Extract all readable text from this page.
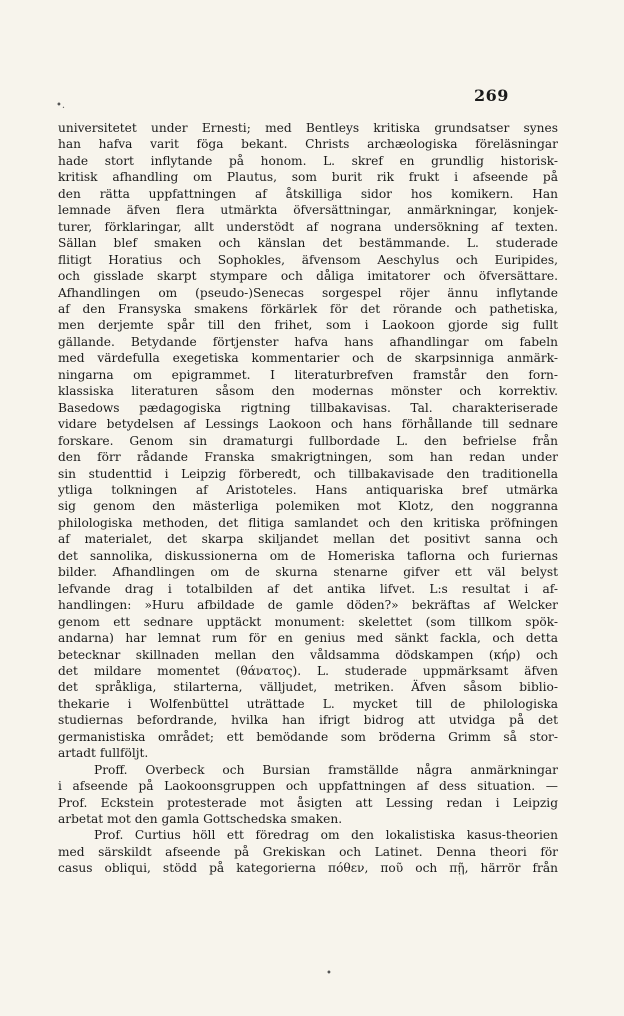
•.
269
universitetet under Ernesti; med Bentleys kritiska grundsatser synes
han hafva varit föga bekant. Christs archæologiska föreläsningar
hade stort inflytande på honom. L. skref en grundlig historisk-
kritisk afhandling om Plautus, som burit rik frukt i afseende på
den rätta uppfattningen af åtskilliga sidor hos komikern. Han
lemnade äfven flera utmärkta öfversättningar, anmärkningar, konjek-
turer, förklaringar, allt understödt af nograna undersökning af texten.
Sällan blef smaken och känslan det bestämmande. L. studerade
flitigt Horatius och Sophokles, äfvensom Aeschylus och Euripides,
och gisslade skarpt stympare och dåliga imitatorer och öfversättare.
Afhandlingen om (pseudo-)Senecas sorgespel röjer ännu inflytande
af den Fransyska smakens förkärlek för det rörande och pathetiska,
men derjemte spår till den frihet, som i Laokoon gjorde sig fullt
gällande. Betydande förtjenster hafva hans afhandlingar om fabeln
med värdefulla exegetiska kommentarier och de skarpsinniga anmärk-
ningarna om epigrammet. I literaturbrefven framstår den forn-
klassiska literaturen såsom den modernas mönster och korrektiv.
Basedows pædagogiska rigtning tillbakavisas. Tal. charakteriserade
vidare betydelsen af Lessings Laokoon och hans förhållande till sednare
forskare. Genom sin dramaturgi fullbordade L. den befrielse från
den förr rådande Franska smakrigtningen, som han redan under
sin studenttid i Leipzig förberedt, och tillbakavisade den traditionella
ytliga tolkningen af Aristoteles. Hans antiquariska bref utmärka
sig genom den mästerliga polemiken mot Klotz, den noggranna
philologiska methoden, det flitiga samlandet och den kritiska pröfningen
af materialet, det skarpa skiljandet mellan det positivt sanna och
det sannolika, diskussionerna om de Homeriska taflorna och furiernas
bilder. Afhandlingen om de skurna stenarne gifver ett väl belyst
lefvande drag i totalbilden af det antika lifvet. L:s resultat i af-
handlingen: »Huru afbildade de gamle döden?» bekräftas af Welcker
genom ett sednare upptäckt monument: skelettet (som tillkom spök-
andarna) har lemnat rum för en genius med sänkt fackla, och detta
betecknar skillnaden mellan den våldsamma dödskampen (κήρ) och
det mildare momentet (θάνατος). L. studerade uppmärksamt äfven
det språkliga, stilarterna, välljudet, metriken. Äfven såsom biblio-
thekarie i Wolfenbüttel uträttade L. mycket till de philologiska
studiernas befordrande, hvilka han ifrigt bidrog att utvidga på det
germanistiska området; ett bemödande som bröderna Grimm så stor-
artadt fullföljt.
Proff. Overbeck och Bursian framställde några anmärkningar
i afseende på Laokoonsgruppen och uppfattningen af dess situation. —
Prof. Eckstein protesterade mot åsigten att Lessing redan i Leipzig
arbetat mot den gamla Gottschedska smaken.
Prof. Curtius höll ett föredrag om den lokalistiska kasus-theorien
med särskildt afseende på Grekiskan och Latinet. Denna theori för
casus obliqui, stödd på kategorierna πόθεν, ποῦ och πῇ, härrör från
•
